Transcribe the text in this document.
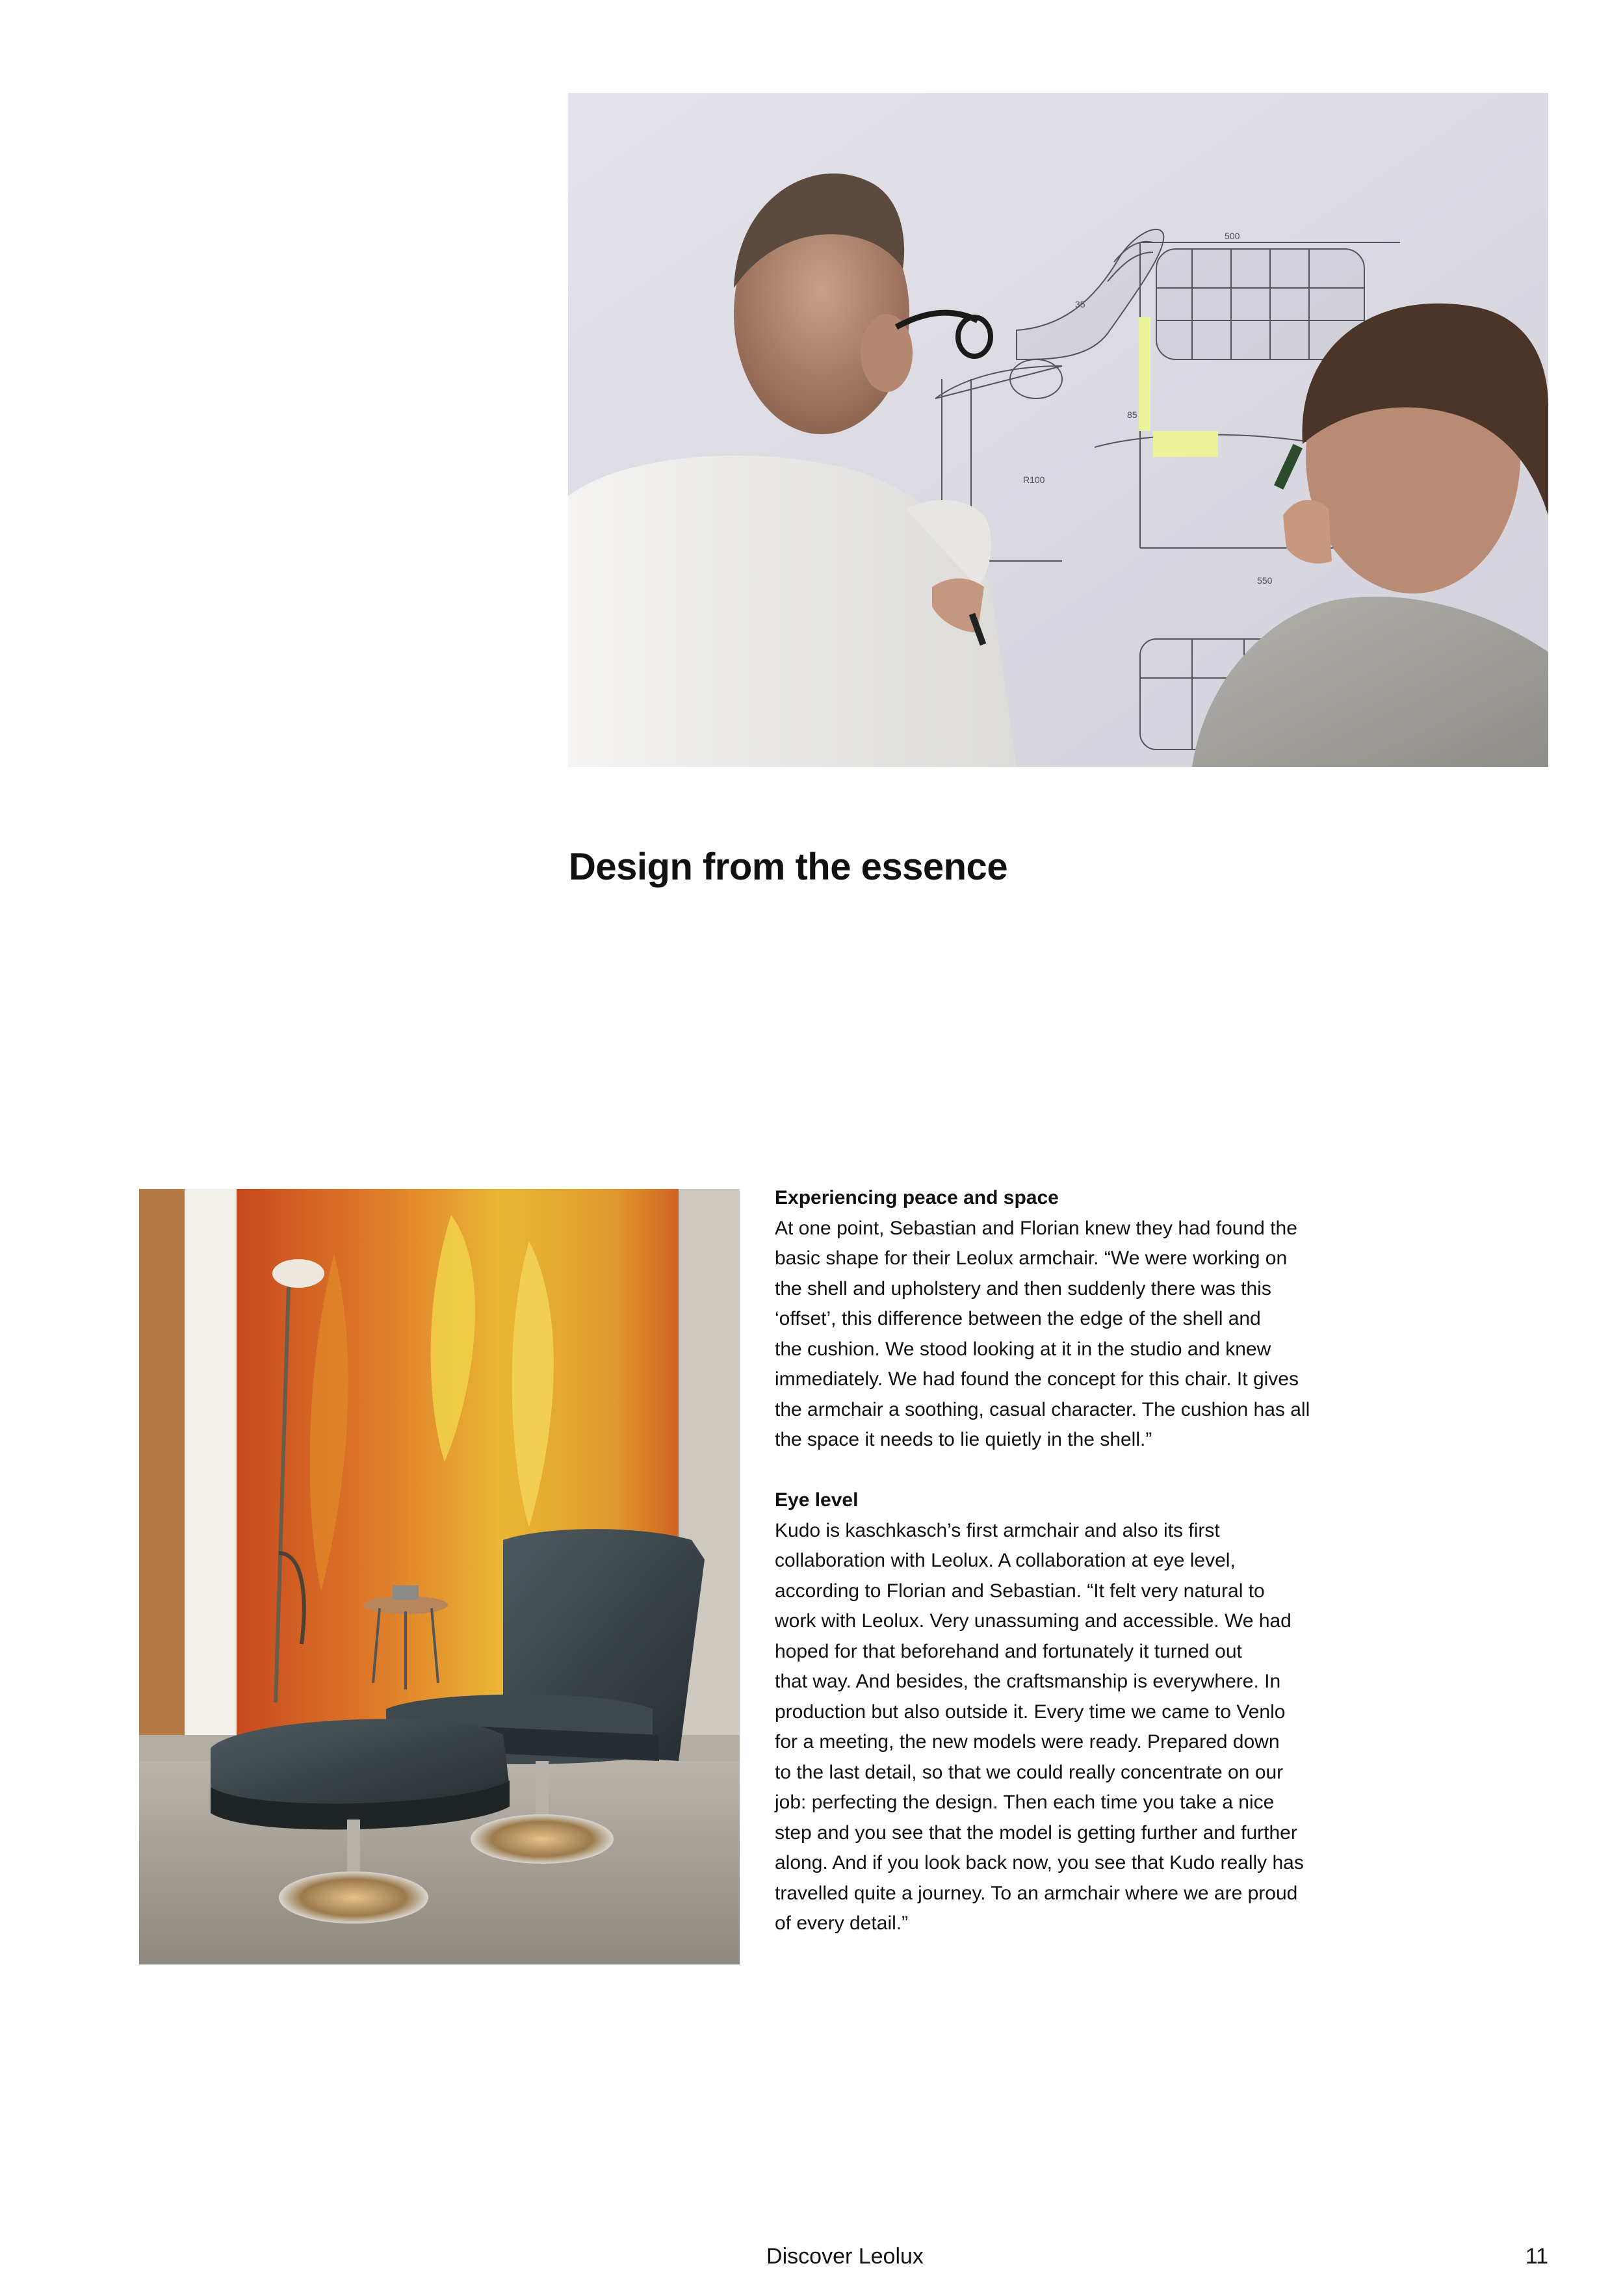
500
550
R100
35
85
Design from the essence
Experiencing peace and space

At one point, Sebastian and Florian knew they had found the
basic shape for their Leolux armchair. “We were working on
the shell and upholstery and then suddenly there was this
‘offset’, this difference between the edge of the shell and
the cushion. We stood looking at it in the studio and knew
immediately. We had found the concept for this chair. It gives
the armchair a soothing, casual character. The cushion has all
the space it needs to lie quietly in the shell.”

Eye level

Kudo is kaschkasch’s first armchair and also its first
collaboration with Leolux. A collaboration at eye level,
according to Florian and Sebastian. “It felt very natural to
work with Leolux. Very unassuming and accessible. We had
hoped for that beforehand and fortunately it turned out
that way. And besides, the craftsmanship is everywhere. In
production but also outside it. Every time we came to Venlo
for a meeting, the new models were ready. Prepared down
to the last detail, so that we could really concentrate on our
job: perfecting the design. Then each time you take a nice
step and you see that the model is getting further and further
along. And if you look back now, you see that Kudo really has
travelled quite a journey. To an armchair where we are proud
of every detail.”

Discover Leolux	11
